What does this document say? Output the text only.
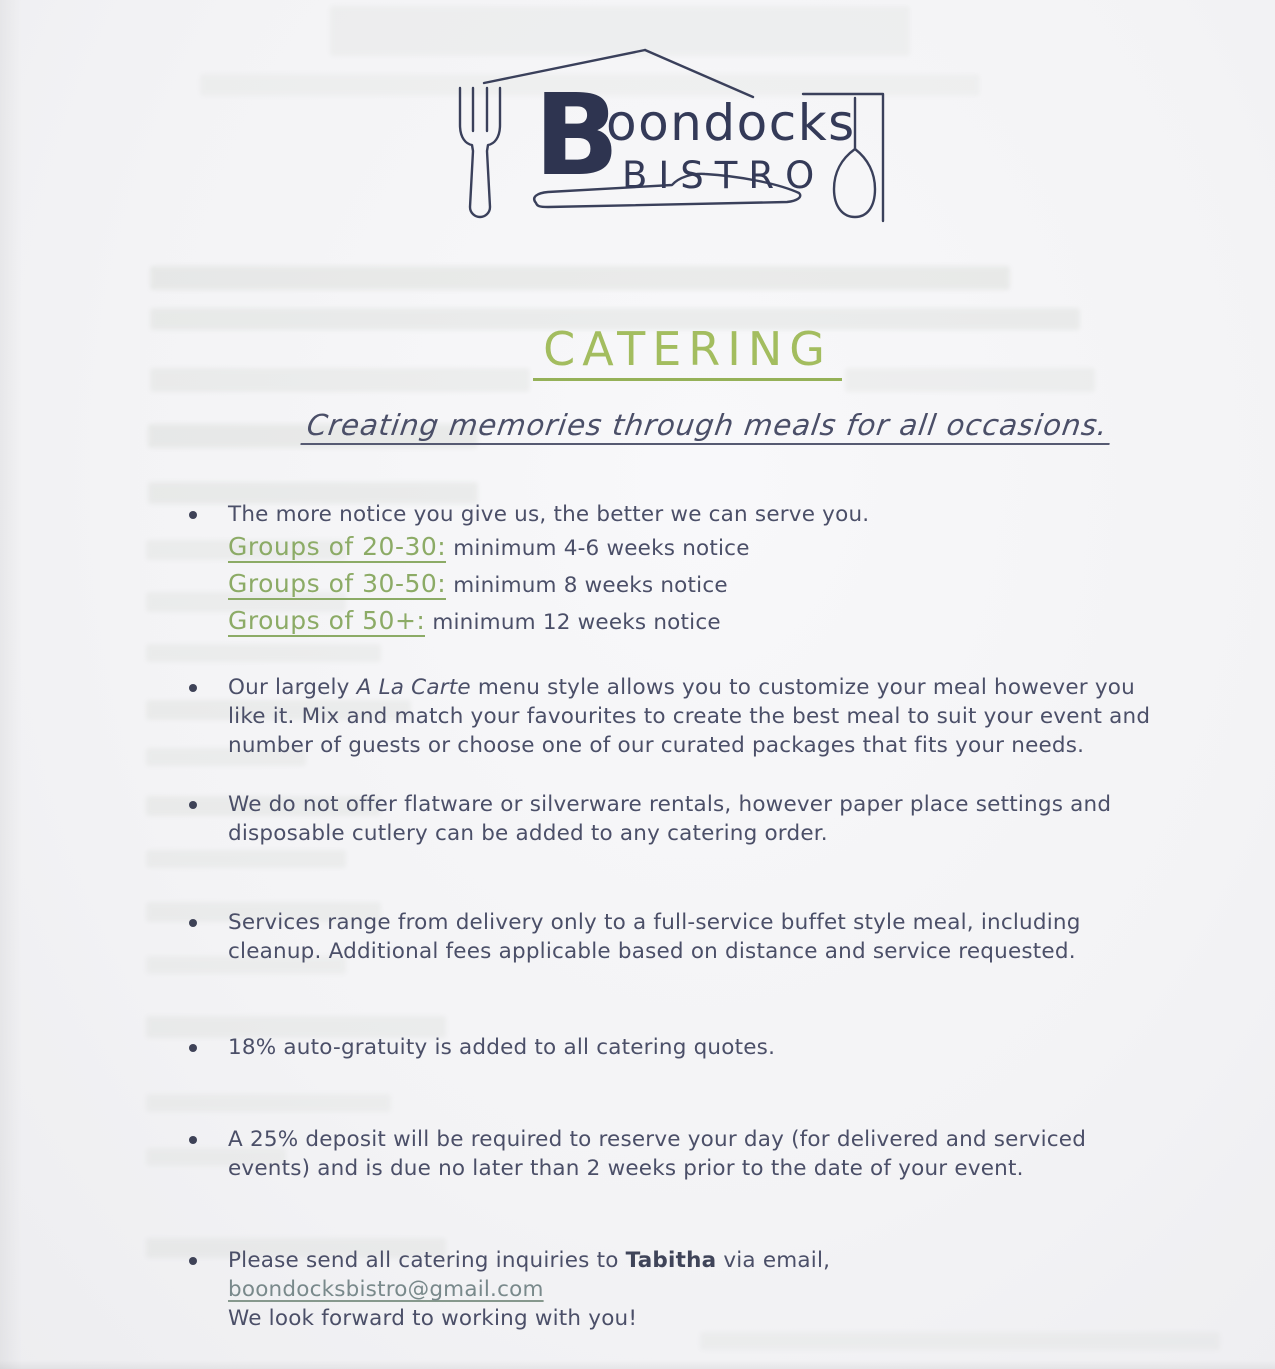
B
oondocks
BISTRO
CATERING
Creating memories through meals for all occasions.
The more notice you give us, the better we can serve you.
Groups of 20-30: minimum 4-6 weeks notice
Groups of 30-50: minimum 8 weeks notice
Groups of 50+: minimum 12 weeks notice
Our largely A La Carte menu style allows you to customize your meal however you like it. Mix and match your favourites to create the best meal to suit your event and number of guests or choose one of our curated packages that fits your needs.
We do not offer flatware or silverware rentals, however paper place settings and disposable cutlery can be added to any catering order.
Services range from delivery only to a full-service buffet style meal, including cleanup. Additional fees applicable based on distance and service requested.
18% auto-gratuity is added to all catering quotes.
A 25% deposit will be required to reserve your day (for delivered and serviced events) and is due no later than 2 weeks prior to the date of your event.
Please send all catering inquiries to Tabitha via email, boondocksbistro@gmail.com
We look forward to working with you!
